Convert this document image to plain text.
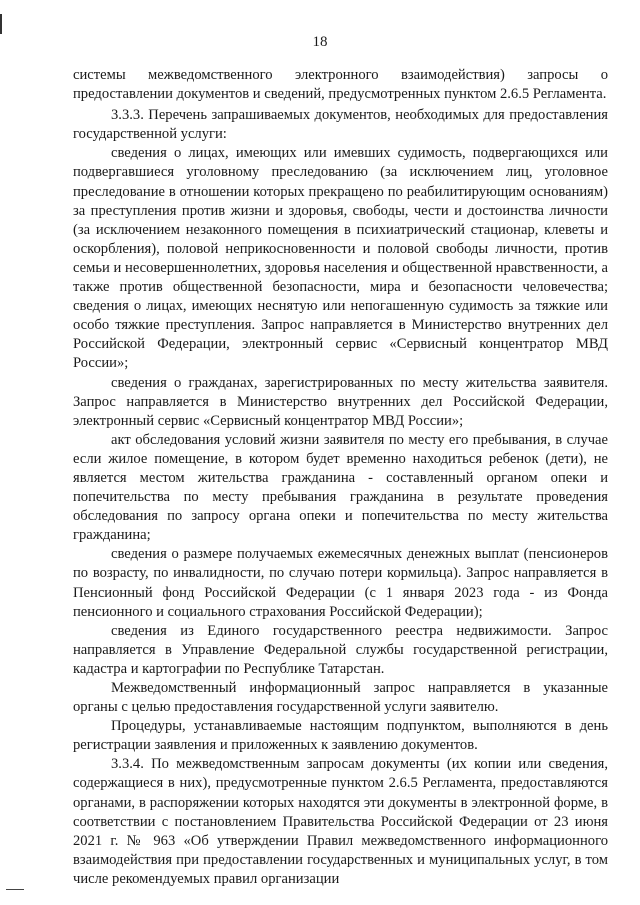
18

системы межведомственного электронного взаимодействия) запросы о предоставлении документов и сведений, предусмотренных пунктом 2.6.5 Регламента.

3.3.3. Перечень запрашиваемых документов, необходимых для предоставления государственной услуги:

сведения о лицах, имеющих или имевших судимость, подвергающихся или подвергавшиеся уголовному преследованию (за исключением лиц, уголовное преследование в отношении которых прекращено по реабилитирующим основаниям) за преступления против жизни и здоровья, свободы, чести и достоинства личности (за исключением незаконного помещения в психиатрический стационар, клеветы и оскорбления), половой неприкосновенности и половой свободы личности, против семьи и несовершеннолетних, здоровья населения и общественной нравственности, а также против общественной безопасности, мира и безопасности человечества; сведения о лицах, имеющих неснятую или непогашенную судимость за тяжкие или особо тяжкие преступления. Запрос направляется в Министерство внутренних дел Российской Федерации, электронный сервис «Сервисный концентратор МВД России»;

сведения о гражданах, зарегистрированных по месту жительства заявителя. Запрос направляется в Министерство внутренних дел Российской Федерации, электронный сервис «Сервисный концентратор МВД России»;

акт обследования условий жизни заявителя по месту его пребывания, в случае если жилое помещение, в котором будет временно находиться ребенок (дети), не является местом жительства гражданина - составленный органом опеки и попечительства по месту пребывания гражданина в результате проведения обследования по запросу органа опеки и попечительства по месту жительства гражданина;

сведения о размере получаемых ежемесячных денежных выплат (пенсионеров по возрасту, по инвалидности, по случаю потери кормильца). Запрос направляется в Пенсионный фонд Российской Федерации (с 1 января 2023 года - из Фонда пенсионного и социального страхования Российской Федерации);

сведения из Единого государственного реестра недвижимости. Запрос направляется в Управление Федеральной службы государственной регистрации, кадастра и картографии по Республике Татарстан.

Межведомственный информационный запрос направляется в указанные органы с целью предоставления государственной услуги заявителю.

Процедуры, устанавливаемые настоящим подпунктом, выполняются в день регистрации заявления и приложенных к заявлению документов.

3.3.4. По межведомственным запросам документы (их копии или сведения, содержащиеся в них), предусмотренные пунктом 2.6.5 Регламента, предоставляются органами, в распоряжении которых находятся эти документы в электронной форме, в соответствии с постановлением Правительства Российской Федерации от 23 июня 2021 г. № 963 «Об утверждении Правил межведомственного информационного взаимодействия при предоставлении государственных и муниципальных услуг, в том числе рекомендуемых правил организации
